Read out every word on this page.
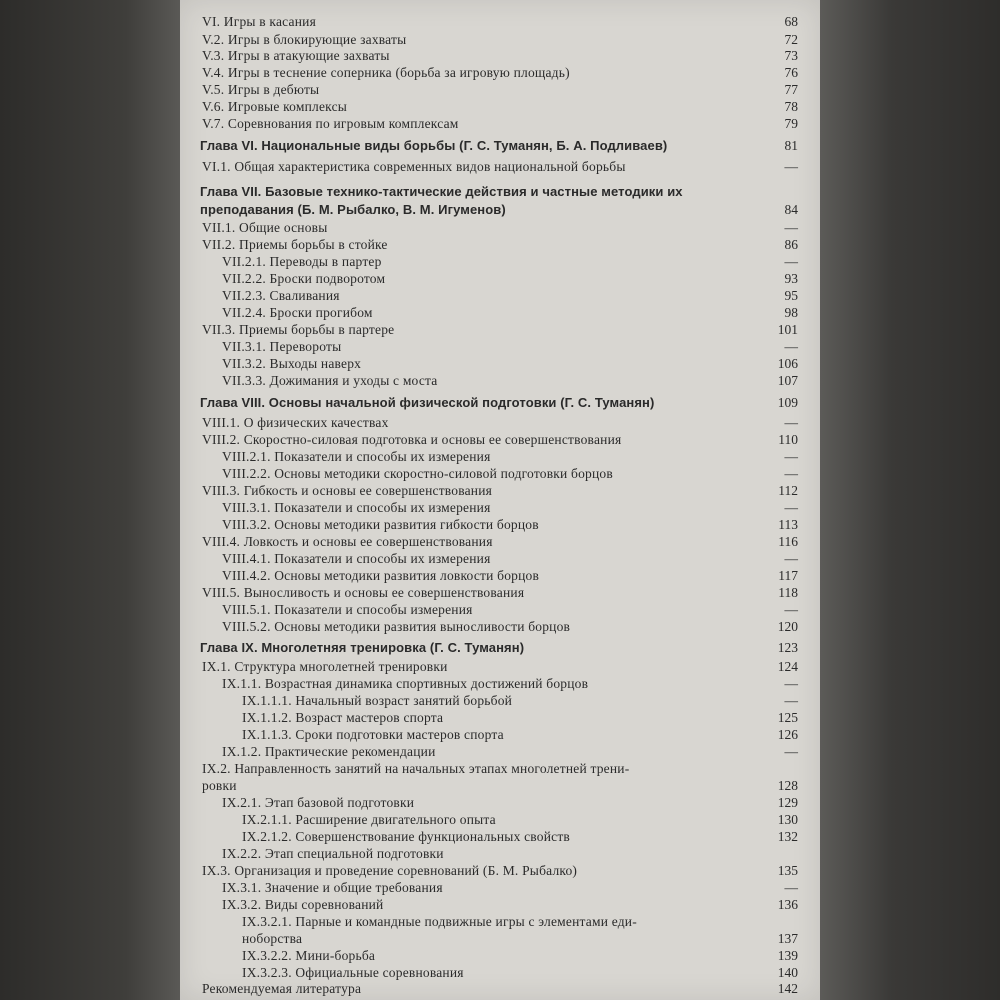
VI. Игры в касания	68
V.2. Игры в блокирующие захваты	72
V.3. Игры в атакующие захваты	73
V.4. Игры в теснение соперника (борьба за игровую площадь)	76
V.5. Игры в дебюты	77
V.6. Игровые комплексы	78
V.7. Соревнования по игровым комплексам	79
Глава VI. Национальные виды борьбы (Г. С. Туманян, Б. А. Подливаев)	81
VI.1. Общая характеристика современных видов национальной борьбы	—
Глава VII. Базовые технико-тактические действия и частные методики их
преподавания (Б. М. Рыбалко, В. М. Игуменов)	84
VII.1. Общие основы	—
VII.2. Приемы борьбы в стойке	86
VII.2.1. Переводы в партер	—
VII.2.2. Броски подворотом	93
VII.2.3. Сваливания	95
VII.2.4. Броски прогибом	98
VII.3. Приемы борьбы в партере	101
VII.3.1. Перевороты	—
VII.3.2. Выходы наверх	106
VII.3.3. Дожимания и уходы с моста	107
Глава VIII. Основы начальной физической подготовки (Г. С. Туманян)	109
VIII.1. О физических качествах	—
VIII.2. Скоростно-силовая подготовка и основы ее совершенствования	110
VIII.2.1. Показатели и способы их измерения	—
VIII.2.2. Основы методики скоростно-силовой подготовки борцов	—
VIII.3. Гибкость и основы ее совершенствования	112
VIII.3.1. Показатели и способы их измерения	—
VIII.3.2. Основы методики развития гибкости борцов	113
VIII.4. Ловкость и основы ее совершенствования	116
VIII.4.1. Показатели и способы их измерения	—
VIII.4.2. Основы методики развития ловкости борцов	117
VIII.5. Выносливость и основы ее совершенствования	118
VIII.5.1. Показатели и способы измерения	—
VIII.5.2. Основы методики развития выносливости борцов	120
Глава IX. Многолетняя тренировка (Г. С. Туманян)	123
IX.1. Структура многолетней тренировки	124
IX.1.1. Возрастная динамика спортивных достижений борцов	—
IX.1.1.1. Начальный возраст занятий борьбой	—
IX.1.1.2. Возраст мастеров спорта	125
IX.1.1.3. Сроки подготовки мастеров спорта	126
IX.1.2. Практические рекомендации	—
IX.2. Направленность занятий на начальных этапах многолетней трени-
ровки	128
IX.2.1. Этап базовой подготовки	129
IX.2.1.1. Расширение двигательного опыта	130
IX.2.1.2. Совершенствование функциональных свойств	132
IX.2.2. Этап специальной подготовки
IX.3. Организация и проведение соревнований (Б. М. Рыбалко)	135
IX.3.1. Значение и общие требования	—
IX.3.2. Виды соревнований	136
IX.3.2.1. Парные и командные подвижные игры с элементами еди-
ноборства	137
IX.3.2.2. Мини-борьба	139
IX.3.2.3. Официальные соревнования	140
Рекомендуемая литература	142
